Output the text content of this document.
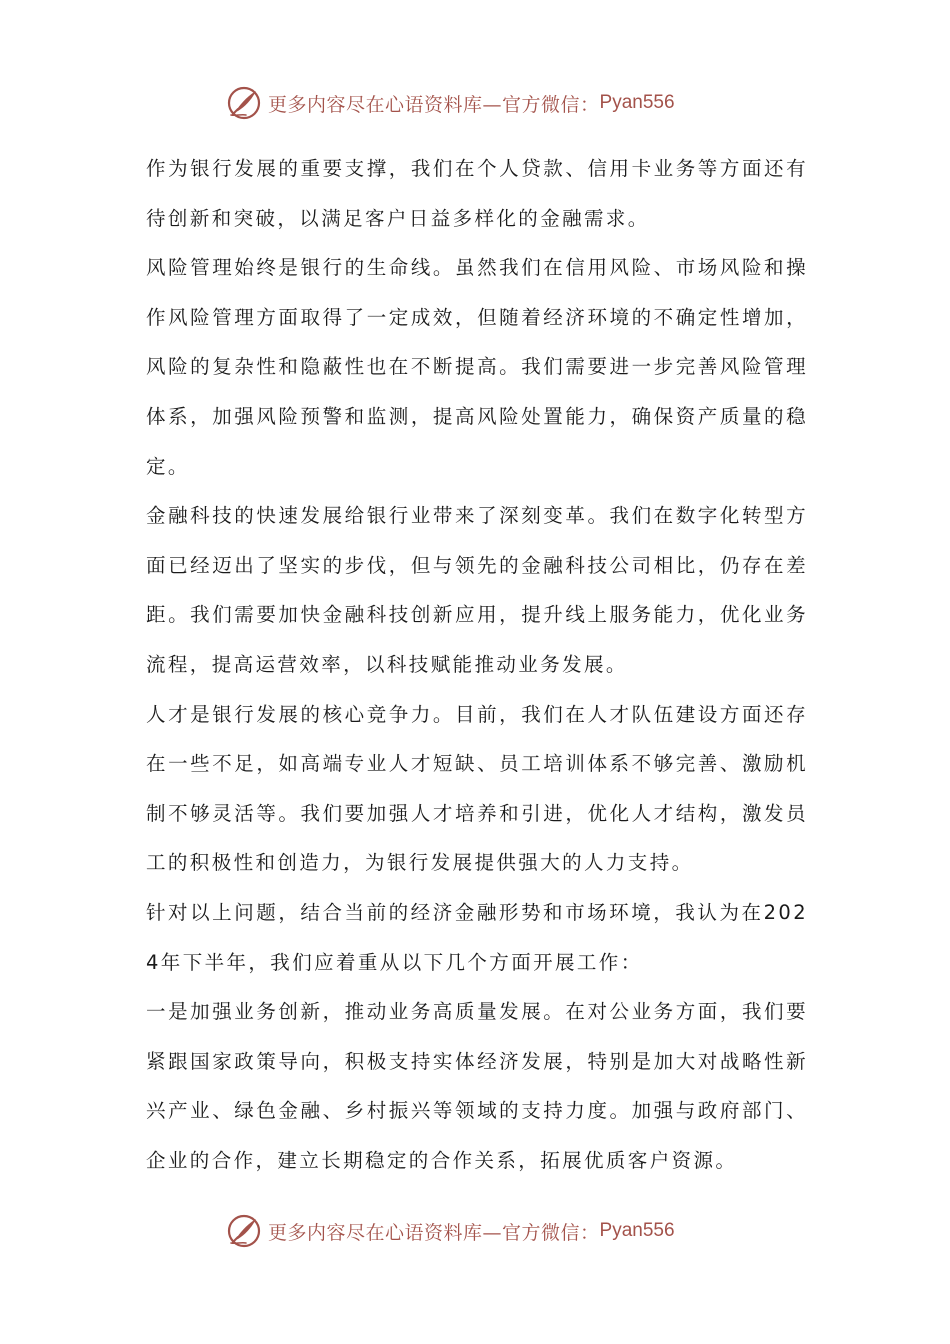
更多内容尽在心语资料库—官方微信： Pyan556

作为银行发展的重要支撑，我们在个人贷款、信用卡业务等方面还有待创新和突破，以满足客户日益多样化的金融需求。

风险管理始终是银行的生命线。虽然我们在信用风险、市场风险和操作风险管理方面取得了一定成效，但随着经济环境的不确定性增加，风险的复杂性和隐蔽性也在不断提高。我们需要进一步完善风险管理体系，加强风险预警和监测，提高风险处置能力，确保资产质量的稳定。

金融科技的快速发展给银行业带来了深刻变革。我们在数字化转型方面已经迈出了坚实的步伐，但与领先的金融科技公司相比，仍存在差距。我们需要加快金融科技创新应用，提升线上服务能力，优化业务流程，提高运营效率，以科技赋能推动业务发展。

人才是银行发展的核心竞争力。目前，我们在人才队伍建设方面还存在一些不足，如高端专业人才短缺、员工培训体系不够完善、激励机制不够灵活等。我们要加强人才培养和引进，优化人才结构，激发员工的积极性和创造力，为银行发展提供强大的人力支持。

针对以上问题，结合当前的经济金融形势和市场环境，我认为在2024年下半年，我们应着重从以下几个方面开展工作：

一是加强业务创新，推动业务高质量发展。在对公业务方面，我们要紧跟国家政策导向，积极支持实体经济发展，特别是加大对战略性新兴产业、绿色金融、乡村振兴等领域的支持力度。加强与政府部门、企业的合作，建立长期稳定的合作关系，拓展优质客户资源。

更多内容尽在心语资料库—官方微信： Pyan556
